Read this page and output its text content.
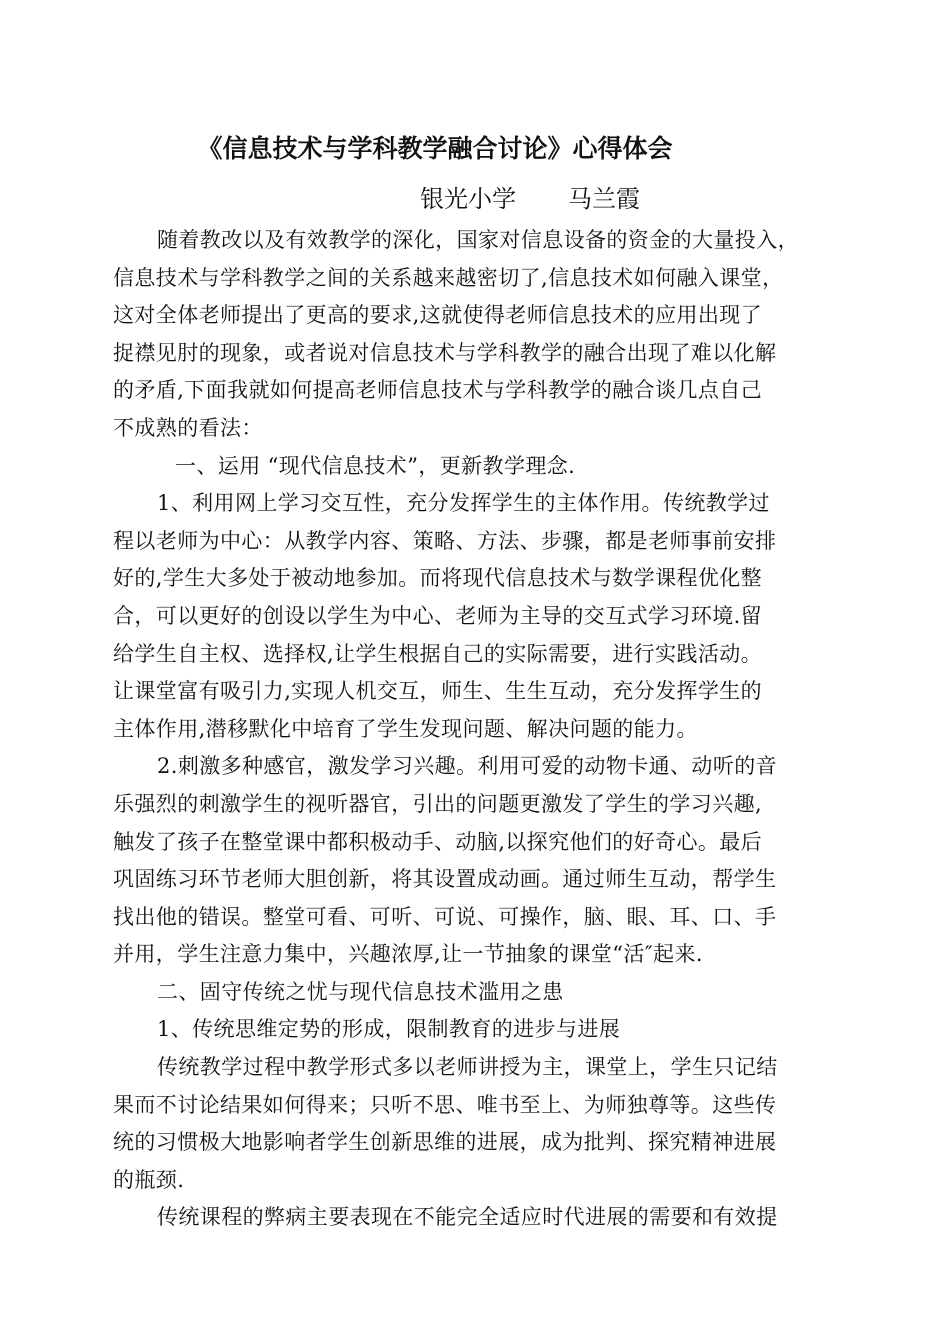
《信息技术与学科教学融合讨论》心得体会
银光小学 马兰霞
随着教改以及有效教学的深化，国家对信息设备的资金的大量投入，
信息技术与学科教学之间的关系越来越密切了,信息技术如何融入课堂，
这对全体老师提出了更高的要求,这就使得老师信息技术的应用出现了
捉襟见肘的现象，或者说对信息技术与学科教学的融合出现了难以化解
的矛盾,下面我就如何提高老师信息技术与学科教学的融合谈几点自己
不成熟的看法：
一、运用 “现代信息技术”，更新教学理念.
1、利用网上学习交互性，充分发挥学生的主体作用。传统教学过
程以老师为中心：从教学内容、策略、方法、步骤，都是老师事前安排
好的,学生大多处于被动地参加。而将现代信息技术与数学课程优化整
合，可以更好的创设以学生为中心、老师为主导的交互式学习环境.留
给学生自主权、选择权,让学生根据自己的实际需要，进行实践活动。
让课堂富有吸引力,实现人机交互，师生、生生互动，充分发挥学生的
主体作用,潜移默化中培育了学生发现问题、解决问题的能力。
2.刺激多种感官，激发学习兴趣。利用可爱的动物卡通、动听的音
乐强烈的刺激学生的视听器官，引出的问题更激发了学生的学习兴趣,
触发了孩子在整堂课中都积极动手、动脑,以探究他们的好奇心。最后
巩固练习环节老师大胆创新，将其设置成动画。通过师生互动，帮学生
找出他的错误。整堂可看、可听、可说、可操作，脑、眼、耳、口、手
并用，学生注意力集中，兴趣浓厚,让一节抽象的课堂“活″起来.
二、固守传统之忧与现代信息技术滥用之患
1、传统思维定势的形成，限制教育的进步与进展
传统教学过程中教学形式多以老师讲授为主，课堂上，学生只记结
果而不讨论结果如何得来；只听不思、唯书至上、为师独尊等。这些传
统的习惯极大地影响者学生创新思维的进展，成为批判、探究精神进展
的瓶颈.
传统课程的弊病主要表现在不能完全适应时代进展的需要和有效提
